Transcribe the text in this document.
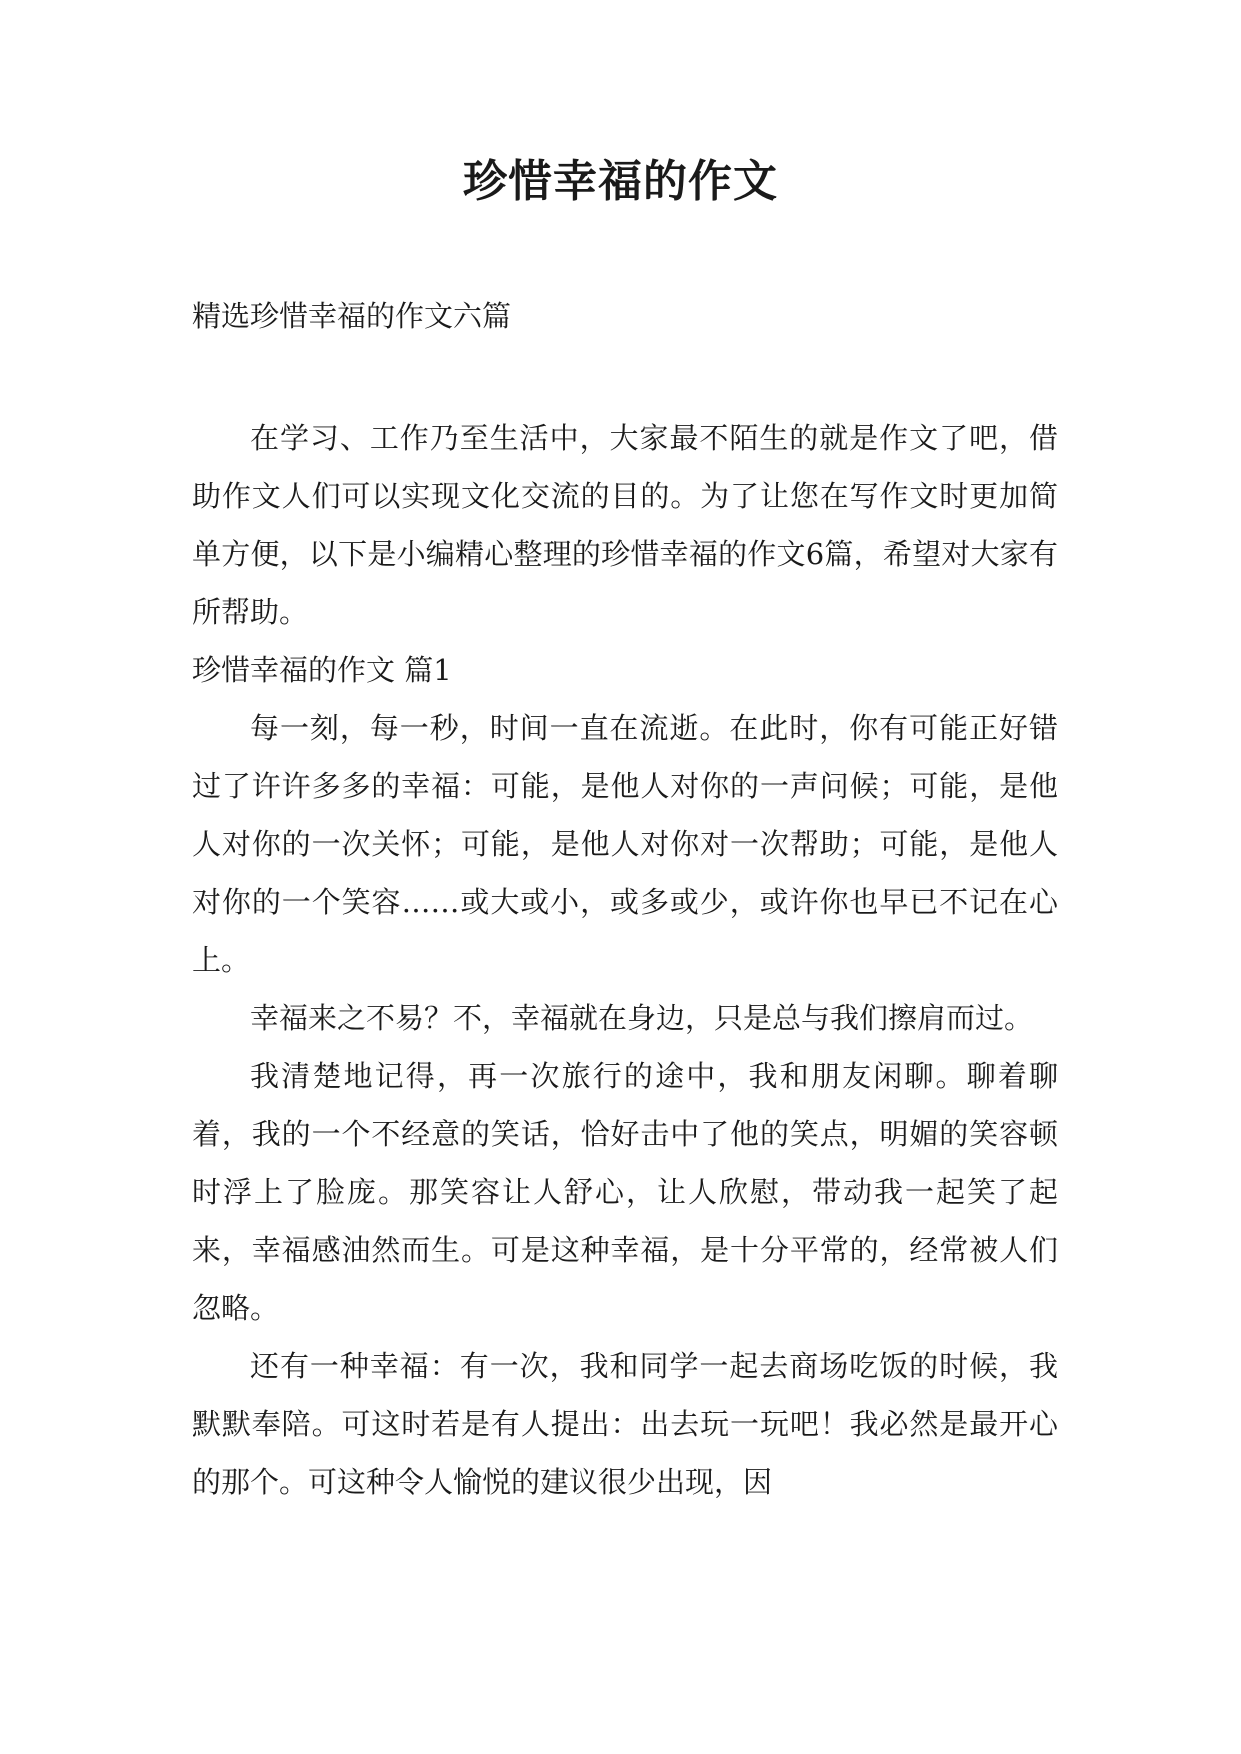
珍惜幸福的作文
精选珍惜幸福的作文六篇

在学习、工作乃至生活中，大家最不陌生的就是作文了吧，借助作文人们可以实现文化交流的目的。为了让您在写作文时更加简单方便，以下是小编精心整理的珍惜幸福的作文6篇，希望对大家有所帮助。

珍惜幸福的作文 篇1

每一刻，每一秒，时间一直在流逝。在此时，你有可能正好错过了许许多多的幸福：可能，是他人对你的一声问候；可能，是他人对你的一次关怀；可能，是他人对你对一次帮助；可能，是他人对你的一个笑容……或大或小，或多或少，或许你也早已不记在心上。

幸福来之不易？不，幸福就在身边，只是总与我们擦肩而过。

我清楚地记得，再一次旅行的途中，我和朋友闲聊。聊着聊着，我的一个不经意的笑话，恰好击中了他的笑点，明媚的笑容顿时浮上了脸庞。那笑容让人舒心，让人欣慰，带动我一起笑了起来，幸福感油然而生。可是这种幸福，是十分平常的，经常被人们忽略。

还有一种幸福：有一次，我和同学一起去商场吃饭的时候，我默默奉陪。可这时若是有人提出：出去玩一玩吧！我必然是最开心的那个。可这种令人愉悦的建议很少出现，因
